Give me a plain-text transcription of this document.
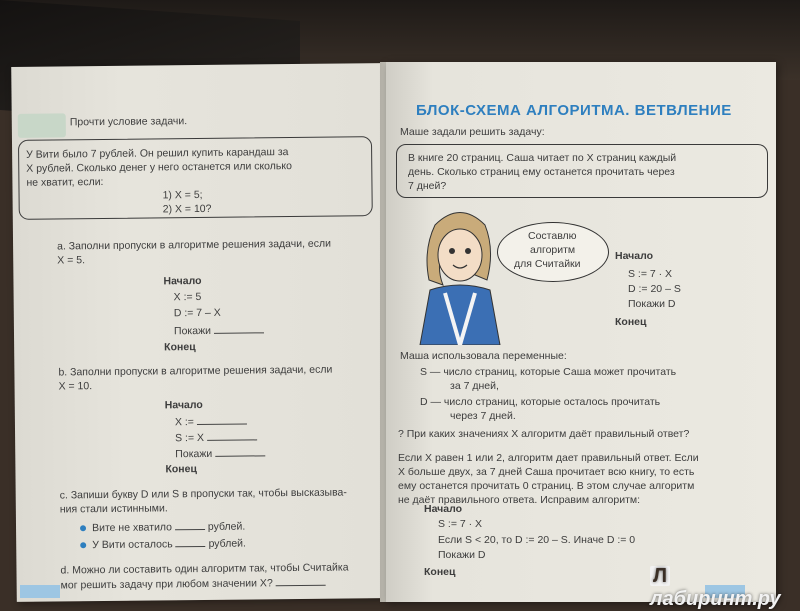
Прочти условие задачи.
У Вити было 7 рублей. Он решил купить карандаш за
X рублей. Сколько денег у него останется или сколько
не хватит, если:
1) X = 5;
2) X = 10?
a. Заполни пропуски в алгоритме решения задачи, если
X = 5.
Начало
X := 5
D := 7 – X
Покажи
Конец
b. Заполни пропуски в алгоритме решения задачи, если
X = 10.
Начало
X :=
S := X
Покажи
Конец
c. Запиши букву D или S в пропуски так, чтобы высказыва-
ния стали истинными.
Вите не хватило	рублей.
У Вити осталось	рублей.
d. Можно ли составить один алгоритм так, чтобы Считайка
мог решить задачу при любом значении X?
БЛОК-СХЕМА АЛГОРИТМА. ВЕТВЛЕНИЕ
Маше задали решить задачу:
В книге 20 страниц. Саша читает по X страниц каждый
день. Сколько страниц ему останется прочитать через
7 дней?
Составлю
алгоритм
для Считайки
Начало
S := 7 · X
D := 20 – S
Покажи D
Конец
Маша использовала переменные:
S — число страниц, которые Саша может прочитать
за 7 дней,
D — число страниц, которые осталось прочитать
через 7 дней.
? При каких значениях X алгоритм даёт правильный ответ?
Если X равен 1 или 2, алгоритм дает правильный ответ. Если
X больше двух, за 7 дней Саша прочитает всю книгу, то есть
ему останется прочитать 0 страниц. В этом случае алгоритм
не даёт правильного ответа. Исправим алгоритм:
Начало
S := 7 · X
Если S < 20, то D := 20 – S. Иначе D := 0
Покажи D
Конец	Ллабиринт.ру
